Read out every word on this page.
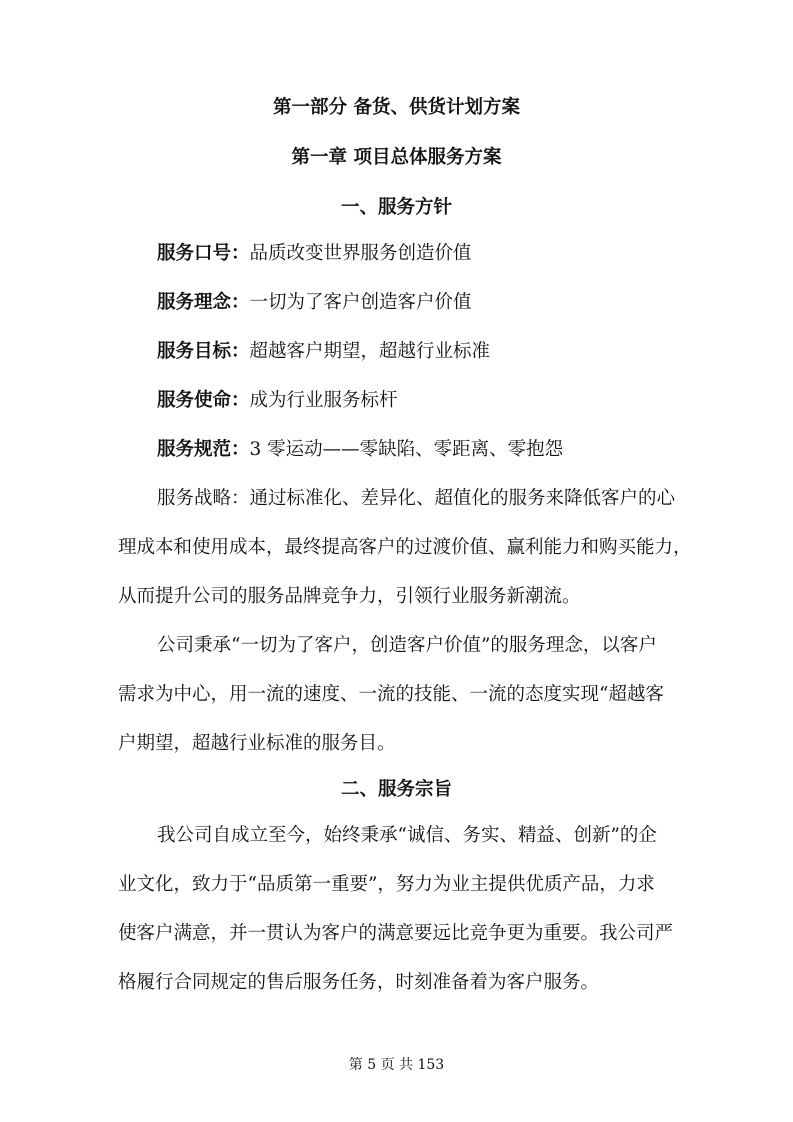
第一部分 备货、供货计划方案
第一章 项目总体服务方案
一、服务方针
服务口号：品质改变世界服务创造价值
服务理念：一切为了客户创造客户价值
服务目标：超越客户期望，超越行业标准
服务使命：成为行业服务标杆
服务规范：3 零运动——零缺陷、零距离、零抱怨
服务战略：通过标准化、差异化、超值化的服务来降低客户的心
理成本和使用成本，最终提高客户的过渡价值、赢利能力和购买能力，
从而提升公司的服务品牌竞争力，引领行业服务新潮流。
公司秉承“一切为了客户，创造客户价值”的服务理念，以客户
需求为中心，用一流的速度、一流的技能、一流的态度实现“超越客
户期望，超越行业标准的服务目。
二、服务宗旨
我公司自成立至今，始终秉承“诚信、务实、精益、创新”的企
业文化，致力于“品质第一重要”，努力为业主提供优质产品，力求
使客户满意，并一贯认为客户的满意要远比竞争更为重要。我公司严
格履行合同规定的售后服务任务，时刻准备着为客户服务。
第 5 页 共 153
